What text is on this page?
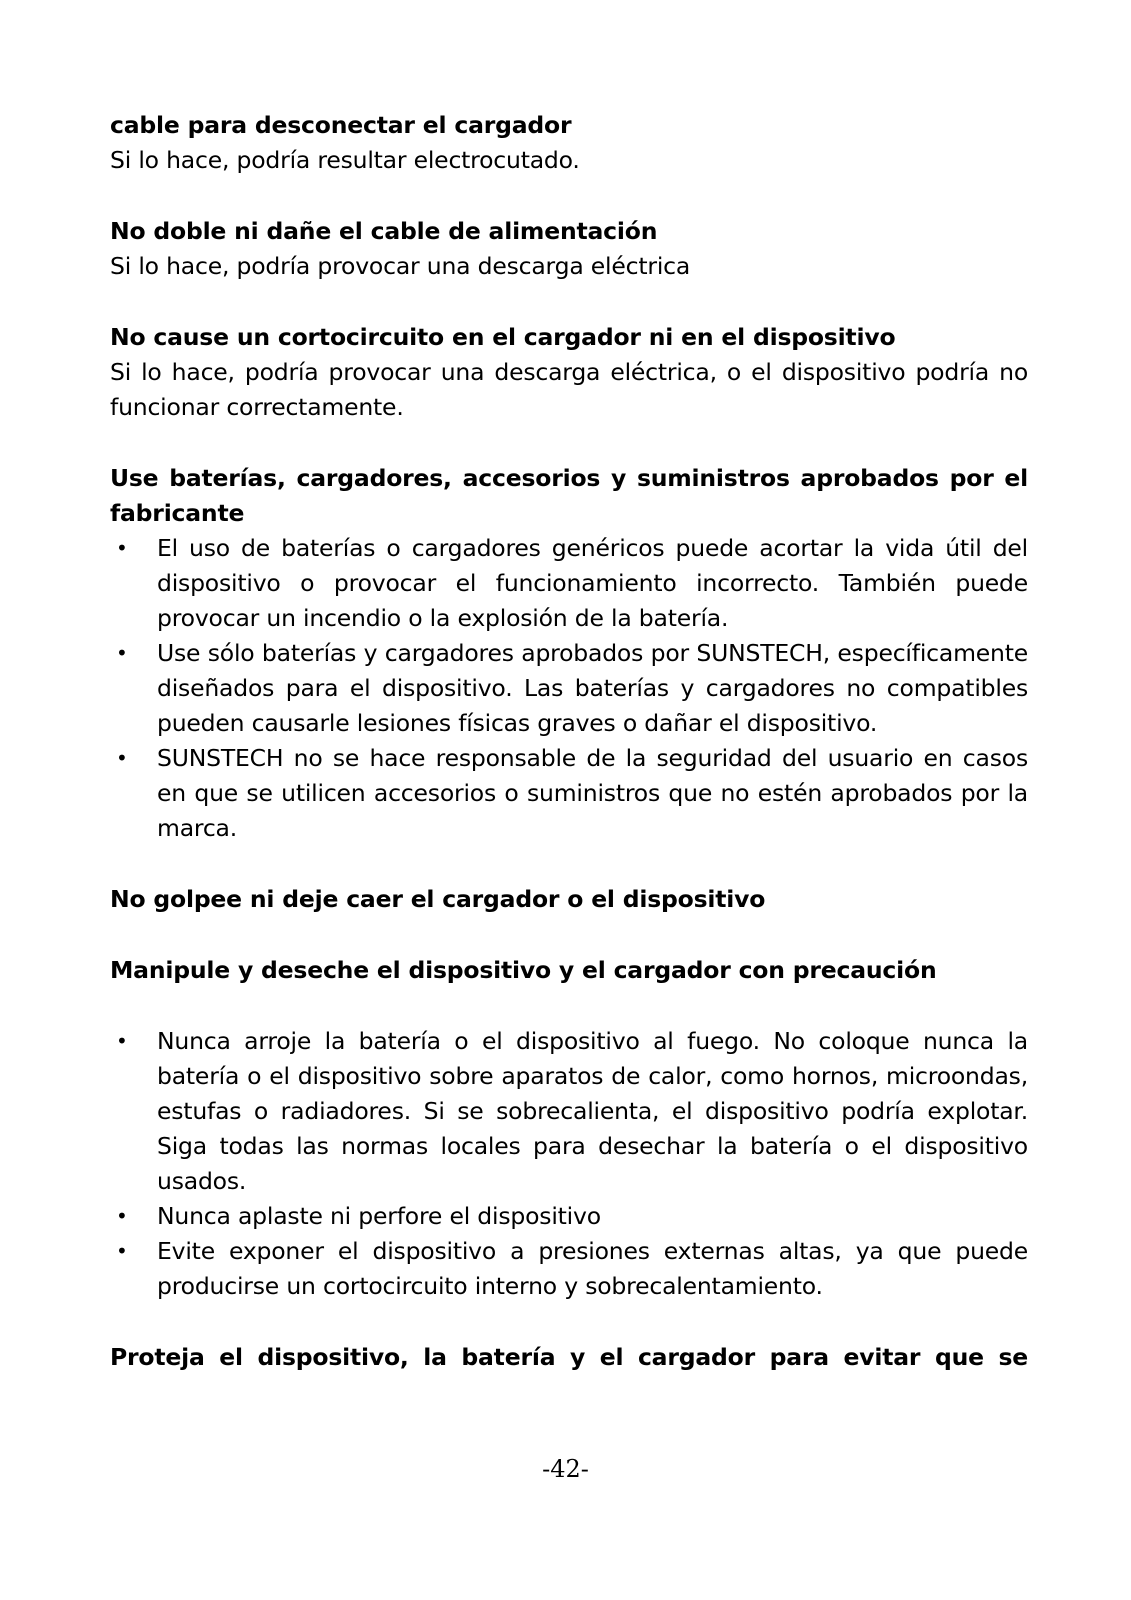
cable para desconectar el cargador

Si lo hace, podría resultar electrocutado.

No doble ni dañe el cable de alimentación

Si lo hace, podría provocar una descarga eléctrica

No cause un cortocircuito en el cargador ni en el dispositivo

Si lo hace, podría provocar una descarga eléctrica, o el dispositivo podría no funcionar correctamente.

Use baterías, cargadores, accesorios y suministros aprobados por el fabricante

• El uso de baterías o cargadores genéricos puede acortar la vida útil del dispositivo o provocar el funcionamiento incorrecto. También puede provocar un incendio o la explosión de la batería.
• Use sólo baterías y cargadores aprobados por SUNSTECH, específicamente diseñados para el dispositivo. Las baterías y cargadores no compatibles pueden causarle lesiones físicas graves o dañar el dispositivo.
• SUNSTECH no se hace responsable de la seguridad del usuario en casos en que se utilicen accesorios o suministros que no estén aprobados por la marca.

No golpee ni deje caer el cargador o el dispositivo

Manipule y deseche el dispositivo y el cargador con precaución

• Nunca arroje la batería o el dispositivo al fuego. No coloque nunca la batería o el dispositivo sobre aparatos de calor, como hornos, microondas, estufas o radiadores. Si se sobrecalienta, el dispositivo podría explotar. Siga todas las normas locales para desechar la batería o el dispositivo usados.
• Nunca aplaste ni perfore el dispositivo
• Evite exponer el dispositivo a presiones externas altas, ya que puede producirse un cortocircuito interno y sobrecalentamiento.

Proteja el dispositivo, la batería y el cargador para evitar que se

-42-
